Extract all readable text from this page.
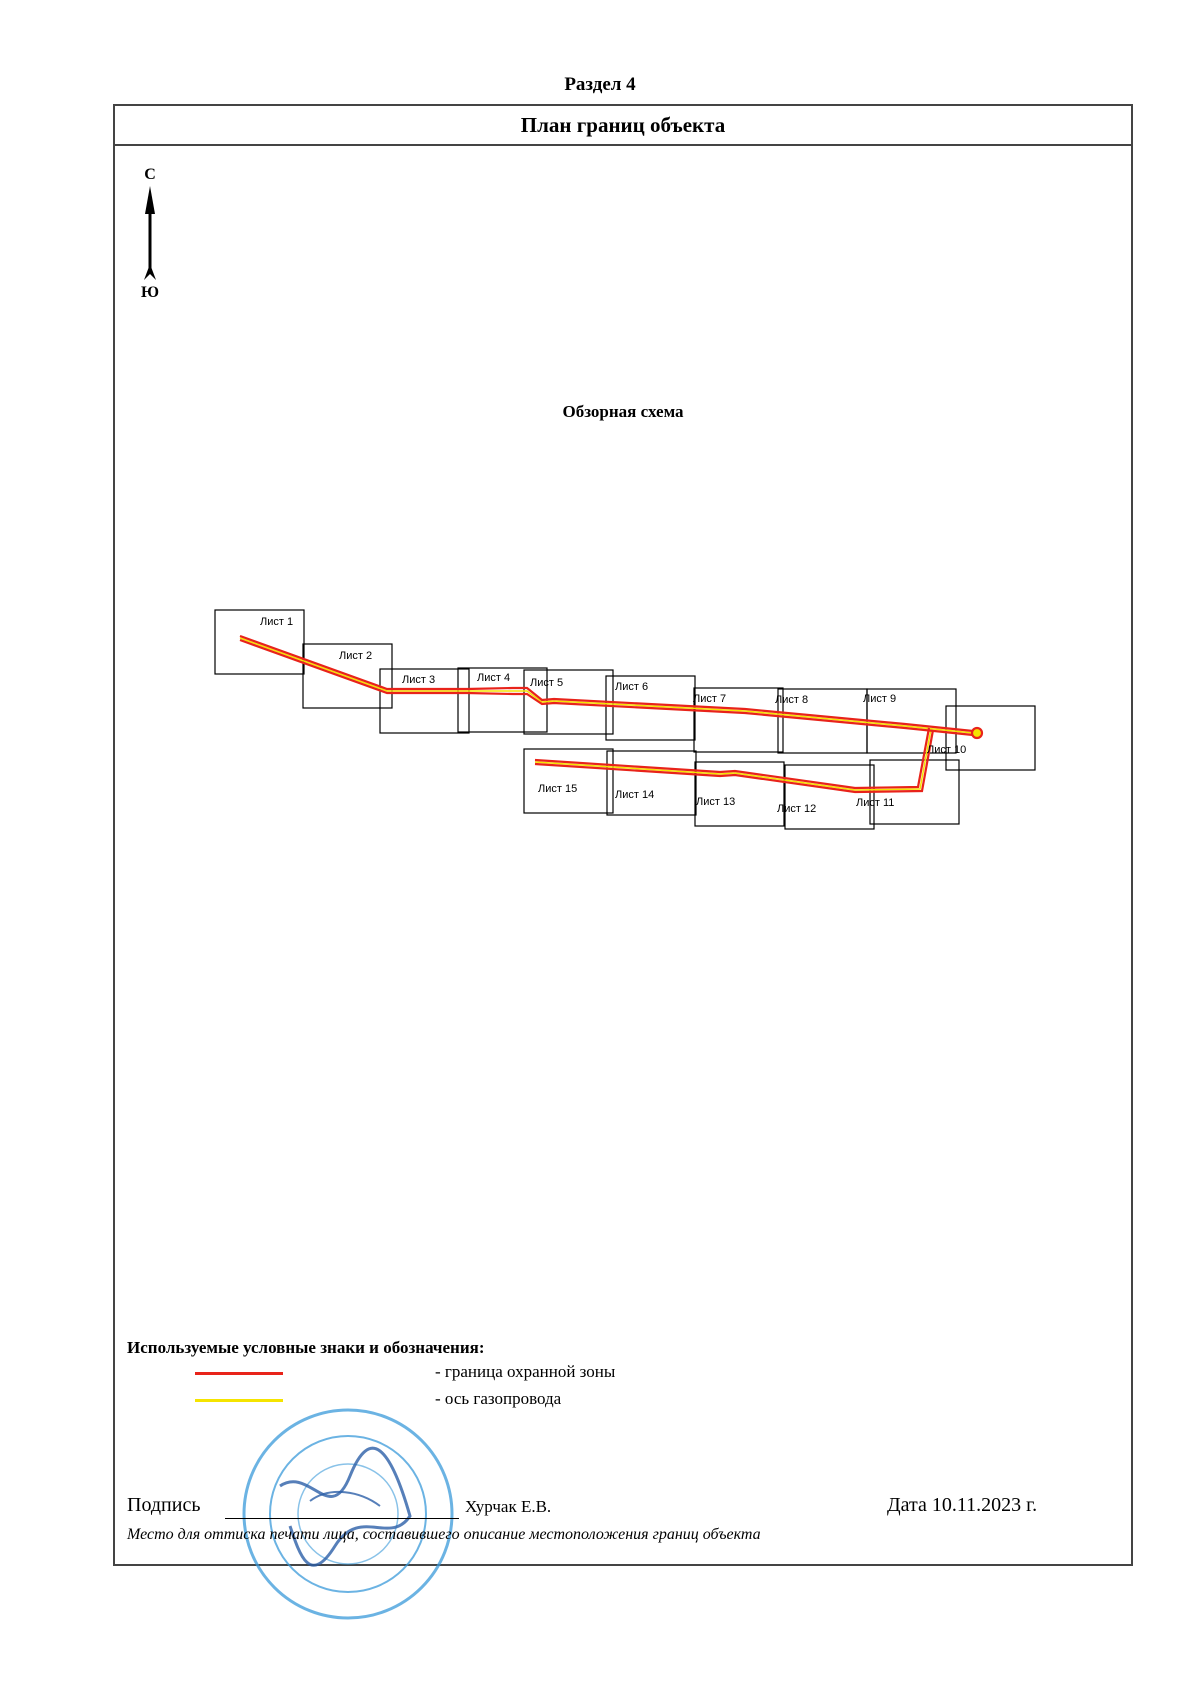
Раздел 4
План границ объекта
С
Ю
Обзорная схема
Лист 1
Лист 2
Лист 3	Лист 4 Лист 5	Лист 6
Лист 7	Лист 8	Лист 9
Лист 10
Лист 11
Лист 12
Лист 13
Лист 14
Лист 15
Используемые условные знаки и обозначения:
- граница охранной зоны
- ось газопровода
Подпись	Хурчак Е.В.	Дата 10.11.2023 г.
Место для оттиска печати лица, составившего описание местоположения границ объекта
